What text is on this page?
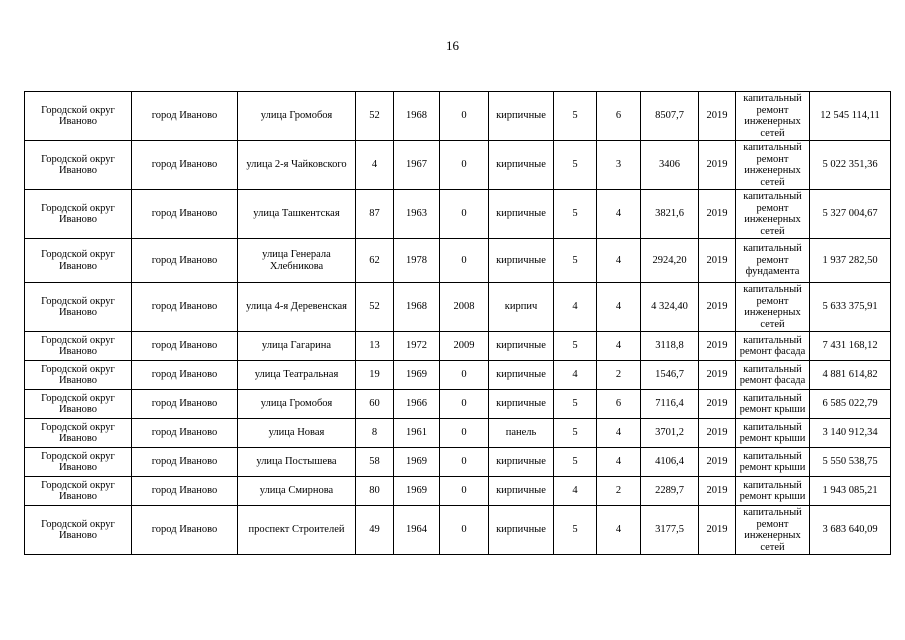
16
Городской округ Иваново	город Иваново	улица Громобоя	52	1968	0	кирпичные	5	6	8507,7	2019	капитальный ремонт инженерных сетей	12 545 114,11
Городской округ Иваново	город Иваново	улица 2-я Чайковского	4	1967	0	кирпичные	5	3	3406	2019	капитальный ремонт инженерных сетей	5 022 351,36
Городской округ Иваново	город Иваново	улица Ташкентская	87	1963	0	кирпичные	5	4	3821,6	2019	капитальный ремонт инженерных сетей	5 327 004,67
Городской округ Иваново	город Иваново	улица Генерала Хлебникова	62	1978	0	кирпичные	5	4	2924,20	2019	капитальный ремонт фундамента	1 937 282,50
Городской округ Иваново	город Иваново	улица 4-я Деревенская	52	1968	2008	кирпич	4	4	4 324,40	2019	капитальный ремонт инженерных сетей	5 633 375,91
Городской округ Иваново	город Иваново	улица Гагарина	13	1972	2009	кирпичные	5	4	3118,8	2019	капитальный ремонт фасада	7 431 168,12
Городской округ Иваново	город Иваново	улица Театральная	19	1969	0	кирпичные	4	2	1546,7	2019	капитальный ремонт фасада	4 881 614,82
Городской округ Иваново	город Иваново	улица Громобоя	60	1966	0	кирпичные	5	6	7116,4	2019	капитальный ремонт крыши	6 585 022,79
Городской округ Иваново	город Иваново	улица Новая	8	1961	0	панель	5	4	3701,2	2019	капитальный ремонт крыши	3 140 912,34
Городской округ Иваново	город Иваново	улица Постышева	58	1969	0	кирпичные	5	4	4106,4	2019	капитальный ремонт крыши	5 550 538,75
Городской округ Иваново	город Иваново	улица Смирнова	80	1969	0	кирпичные	4	2	2289,7	2019	капитальный ремонт крыши	1 943 085,21
Городской округ Иваново	город Иваново	проспект Строителей	49	1964	0	кирпичные	5	4	3177,5	2019	капитальный ремонт инженерных сетей	3 683 640,09
